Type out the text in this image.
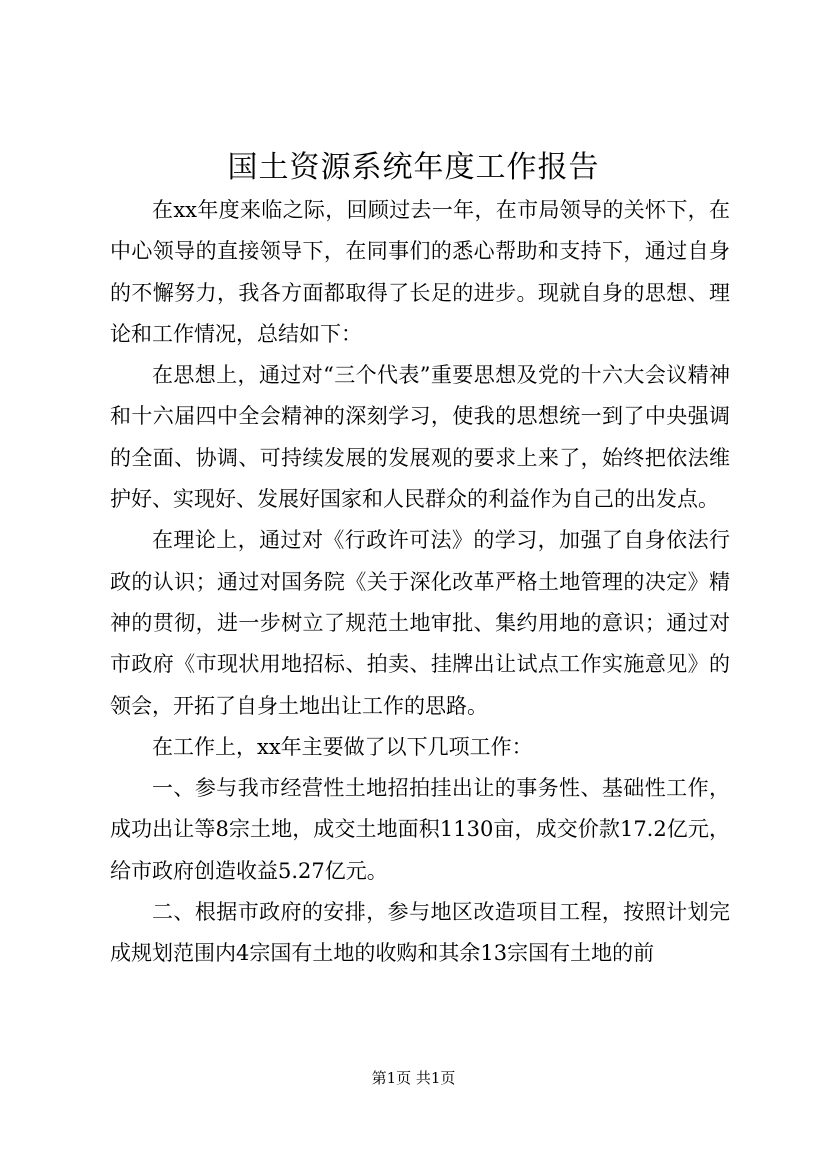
国土资源系统年度工作报告

在xx年度来临之际，回顾过去一年，在市局领导的关怀下，在中心领导的直接领导下，在同事们的悉心帮助和支持下，通过自身的不懈努力，我各方面都取得了长足的进步。现就自身的思想、理论和工作情况，总结如下：

在思想上，通过对“三个代表”重要思想及党的十六大会议精神和十六届四中全会精神的深刻学习，使我的思想统一到了中央强调的全面、协调、可持续发展的发展观的要求上来了，始终把依法维护好、实现好、发展好国家和人民群众的利益作为自己的出发点。

在理论上，通过对《行政许可法》的学习，加强了自身依法行政的认识；通过对国务院《关于深化改革严格土地管理的决定》精神的贯彻，进一步树立了规范土地审批、集约用地的意识；通过对市政府《市现状用地招标、拍卖、挂牌出让试点工作实施意见》的领会，开拓了自身土地出让工作的思路。

在工作上，xx年主要做了以下几项工作：

一、参与我市经营性土地招拍挂出让的事务性、基础性工作，成功出让等8宗土地，成交土地面积1130亩，成交价款17.2亿元，给市政府创造收益5.27亿元。

二、根据市政府的安排，参与地区改造项目工程，按照计划完成规划范围内4宗国有土地的收购和其余13宗国有土地的前

第1页 共1页
